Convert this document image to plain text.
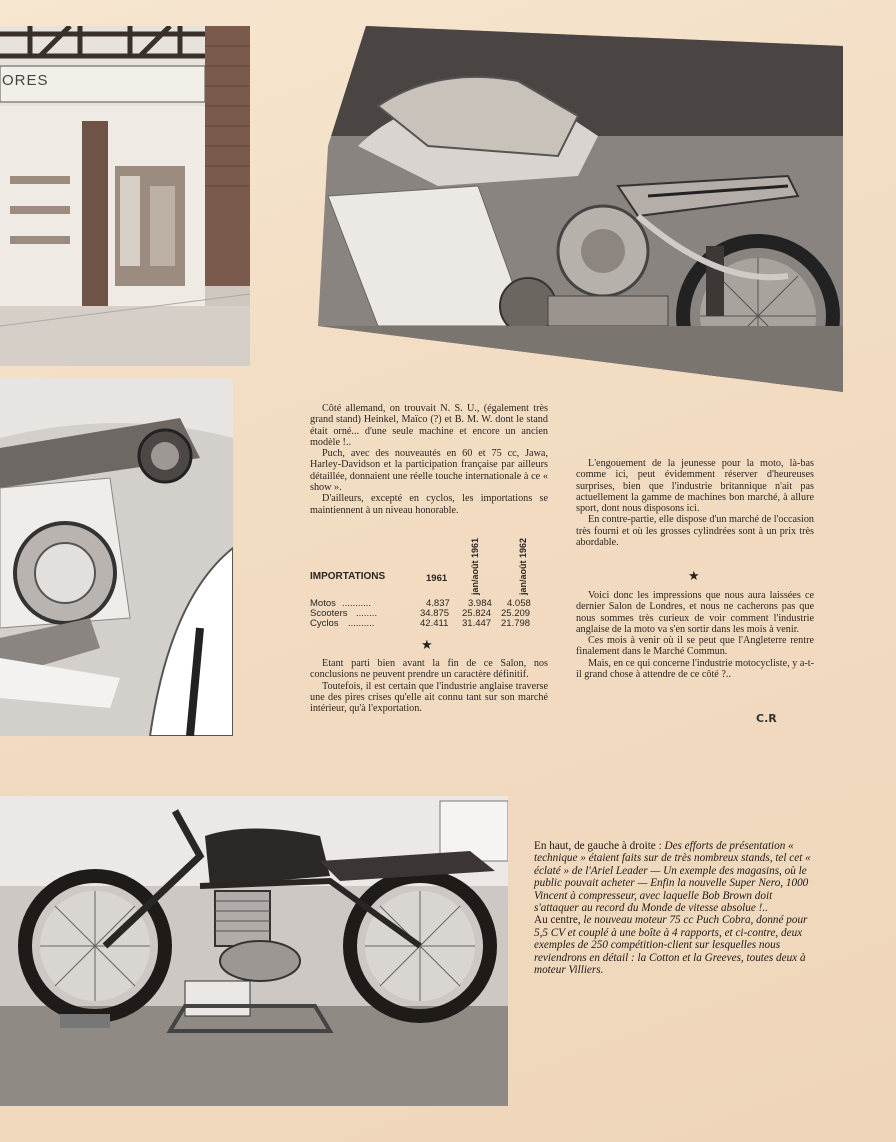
ORES

Côté allemand, on trouvait N. S. U., (également très grand stand) Heinkel, Maïco (?) et B. M. W. dont le stand était orné... d'une seule machine et encore un ancien modèle !..

Puch, avec des nouveautés en 60 et 75 cc, Jawa, Harley-Davidson et la participation française par ailleurs détaillée, donnaient une réelle touche internationale à ce « show ».

D'ailleurs, excepté en cyclos, les importations se maintiennent à un niveau honorable.

IMPORTATIONS	1961	jan/août 1961	jan/août 1962
Motos ...........	4.837 3.984 4.058
Scooters ........	34.875 25.824 25.209
Cyclos ..........	42.411 31.447 21.798
★

Etant parti bien avant la fin de ce Salon, nos conclusions ne peuvent prendre un caractère définitif.

Toutefois, il est certain que l'industrie anglaise traverse une des pires crises qu'elle ait connu tant sur son marché intérieur, qu'à l'exportation.

L'engouement de la jeunesse pour la moto, là-bas comme ici, peut évidemment réserver d'heureuses surprises, bien que l'industrie britannique n'ait pas actuellement la gamme de machines bon marché, à allure sport, dont nous disposons ici.

En contre-partie, elle dispose d'un marché de l'occasion très fourni et où les grosses cylindrées sont à un prix très abordable.

★

Voici donc les impressions que nous aura laissées ce dernier Salon de Londres, et nous ne cacherons pas que nous sommes très curieux de voir comment l'industrie anglaise de la moto va s'en sortir dans les mois à venir.

Ces mois à venir où il se peut que l'Angleterre rentre finalement dans le Marché Commun.

Mais, en ce qui concerne l'industrie motocycliste, y a-t-il grand chose à attendre de ce côté ?..

C.R

En haut, de gauche à droite : Des efforts de présentation « technique » étaient faits sur de très nombreux stands, tel cet « éclaté » de l'Ariel Leader — Un exemple des magasins, où le public pouvait acheter — Enfin la nouvelle Super Nero, 1000 Vincent à compresseur, avec laquelle Bob Brown doit s'attaquer au record du Monde de vitesse absolue !..

Au centre, le nouveau moteur 75 cc Puch Cobra, donné pour 5,5 CV et couplé à une boîte à 4 rapports, et ci-contre, deux exemples de 250 compétition-client sur lesquelles nous reviendrons en détail : la Cotton et la Greeves, toutes deux à moteur Villiers.
